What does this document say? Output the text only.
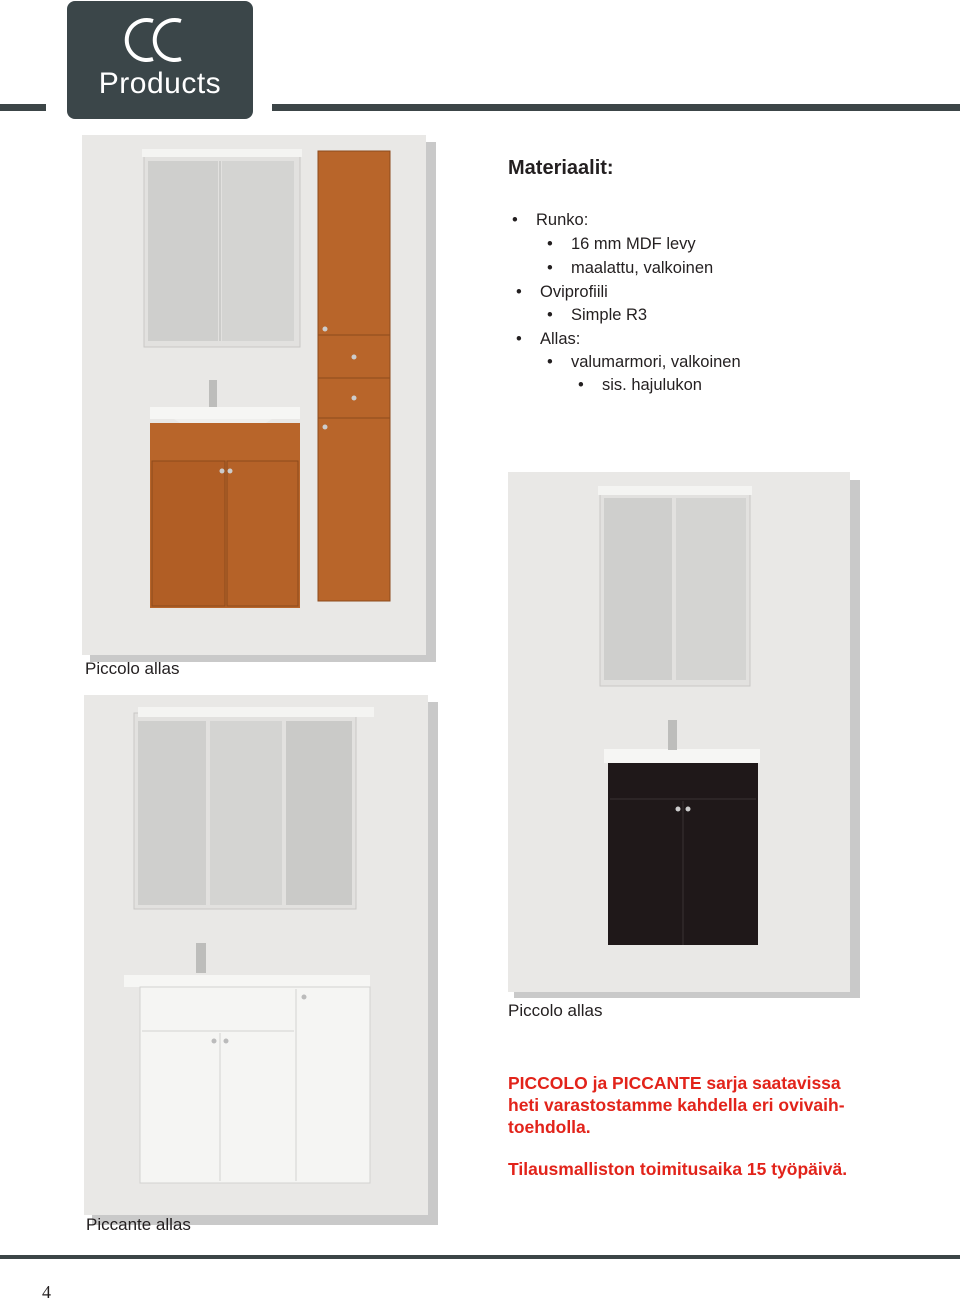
Products
Piccolo allas
Piccolo allas
Piccante allas
Materiaalit:
• Runko:
• 16 mm MDF levy
• maalattu, valkoinen
• Oviprofiili
• Simple R3
• Allas:
• valumarmori, valkoinen
• sis. hajulukon

PICCOLO ja PICCANTE sarja saatavissa

heti varastostamme kahdella eri ovivaih-

toehdolla.

Tilausmalliston toimitusaika 15 työpäivä.

4
